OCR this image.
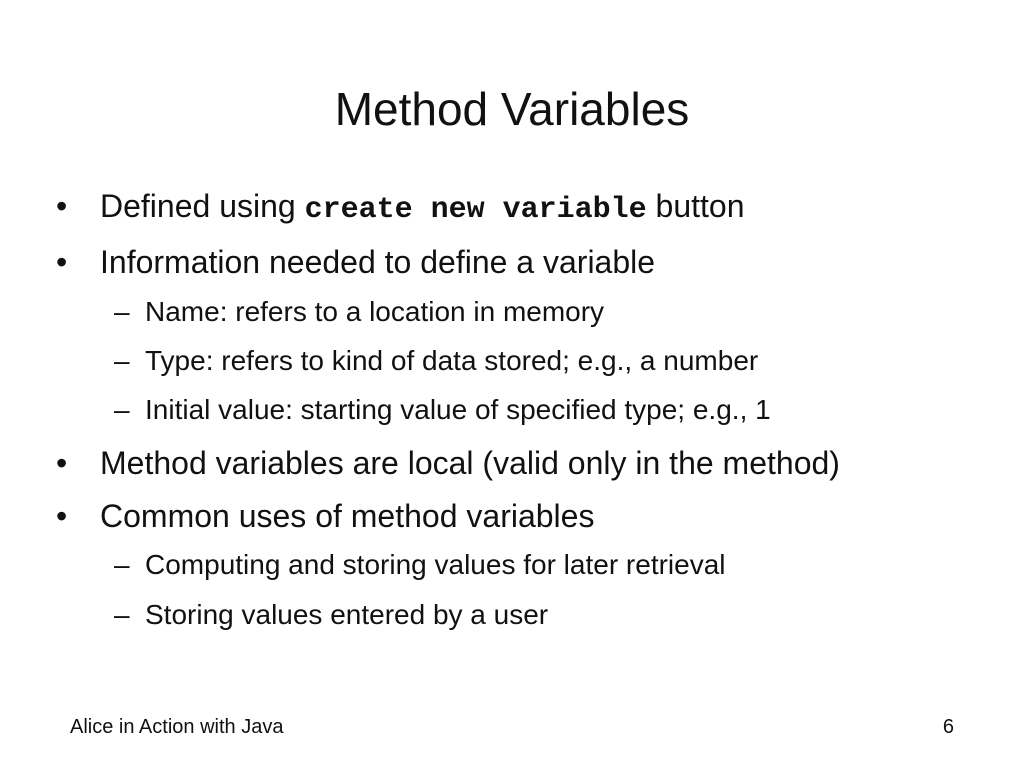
Method Variables
• Defined using create new variable button
• Information needed to define a variable
– Name: refers to a location in memory
– Type: refers to kind of data stored; e.g., a number
– Initial value: starting value of specified type; e.g., 1
• Method variables are local (valid only in the method)
• Common uses of method variables
– Computing and storing values for later retrieval
– Storing values entered by a user
Alice in Action with Java	6
